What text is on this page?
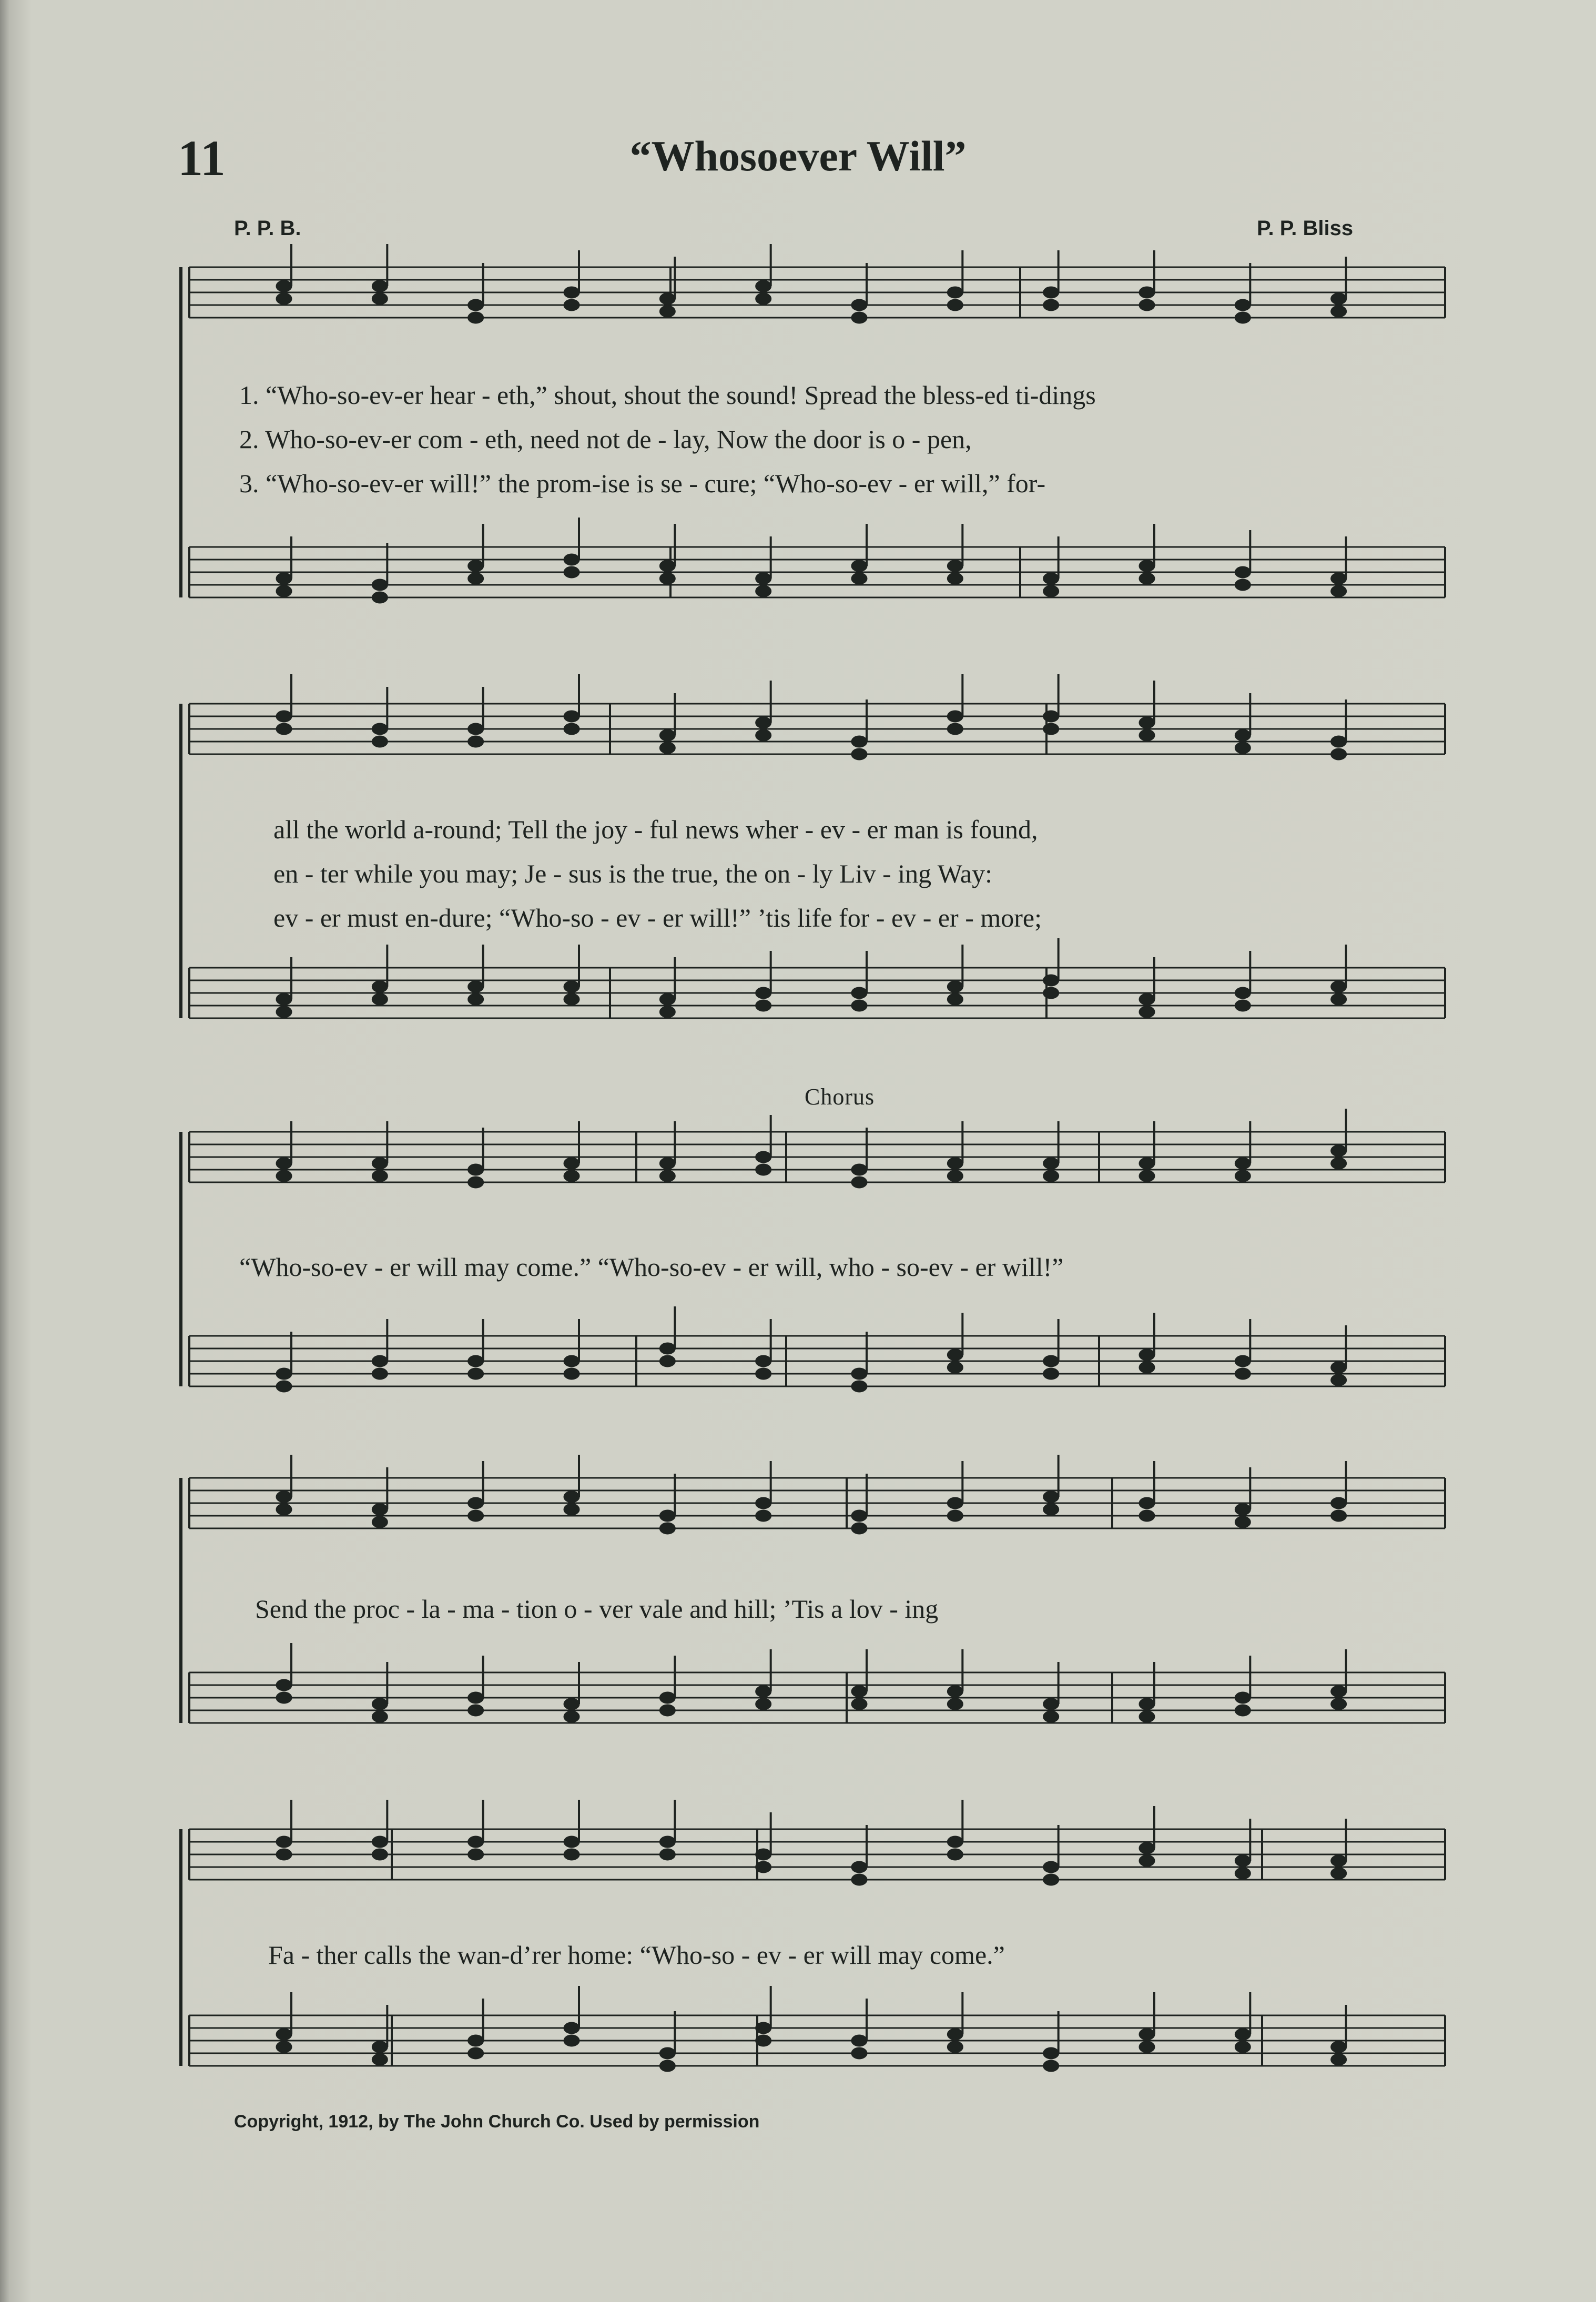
11	“Whosoever Will”
P. P. B.	P. P. Bliss
Chorus
1. “Who-so-ev-er hear - eth,” shout, shout the sound! Spread the bless-ed ti-dings
2. Who-so-ev-er com - eth, need not de - lay, Now the door is o - pen,
3. “Who-so-ev-er will!” the prom-ise is se - cure; “Who-so-ev - er will,” for-
all the world a-round; Tell the joy - ful news wher - ev - er man is found,
en - ter while you may; Je - sus is the true, the on - ly Liv - ing Way:
ev - er must en-dure; “Who-so - ev - er will!” ’tis life for - ev - er - more;
“Who-so-ev - er will may come.” “Who-so-ev - er will, who - so-ev - er will!”
Send the proc - la - ma - tion o - ver vale and hill; ’Tis a lov - ing
Fa - ther calls the wan-d’rer home: “Who-so - ev - er will may come.”
Copyright, 1912, by The John Church Co. Used by permission
